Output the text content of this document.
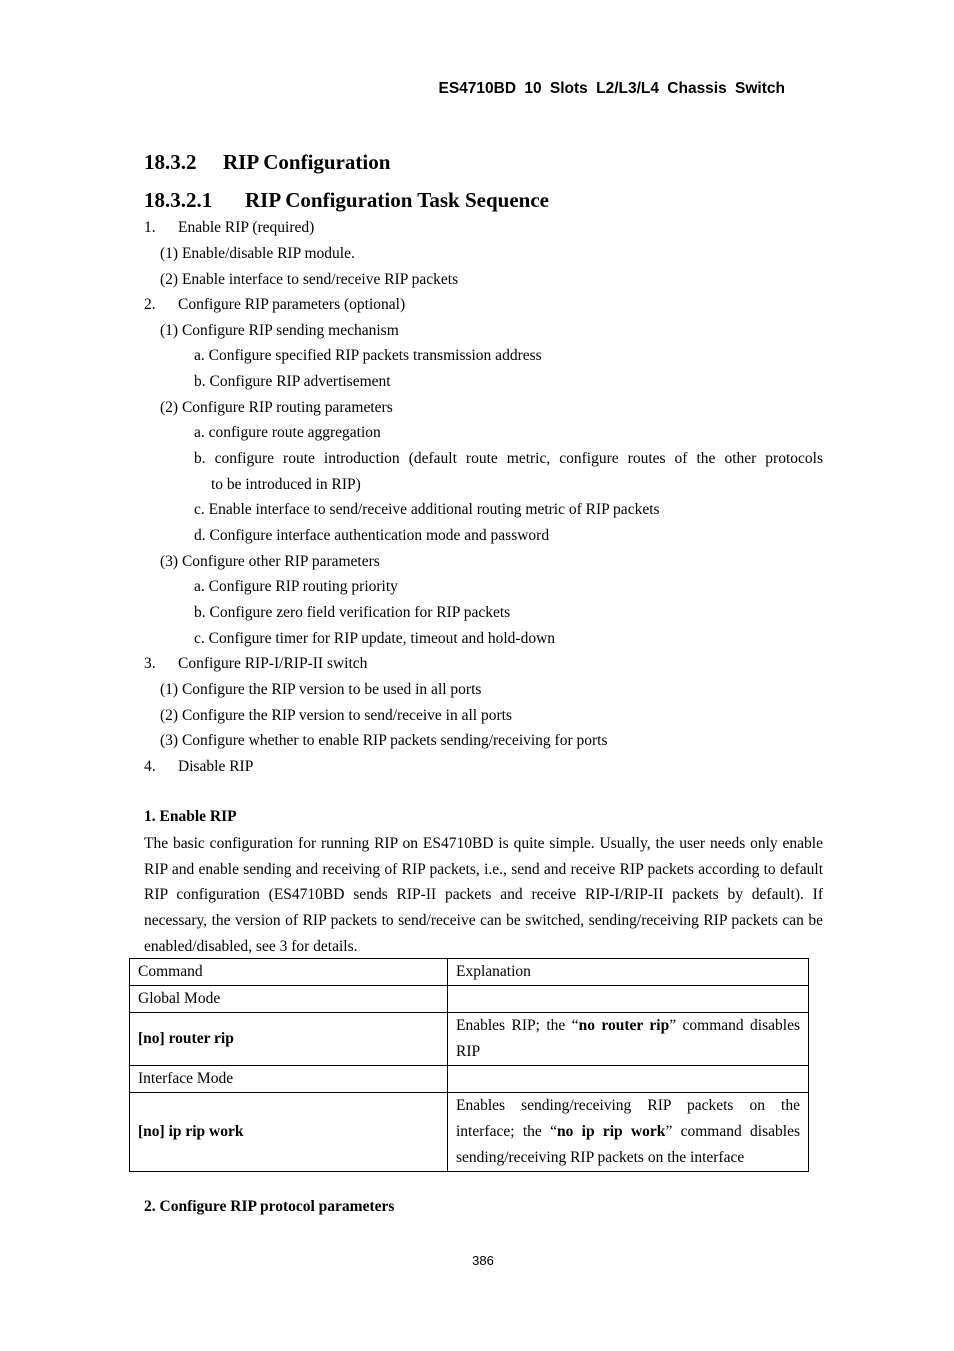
ES4710BD 10 Slots L2/L3/L4 Chassis Switch
18.3.2 RIP Configuration
18.3.2.1 RIP Configuration Task Sequence
1. Enable RIP (required)
(1) Enable/disable RIP module.
(2) Enable interface to send/receive RIP packets
2. Configure RIP parameters (optional)
(1) Configure RIP sending mechanism
a. Configure specified RIP packets transmission address
b. Configure RIP advertisement
(2) Configure RIP routing parameters
a. configure route aggregation
b. configure route introduction (default route metric, configure routes of the other protocols
to be introduced in RIP)
c. Enable interface to send/receive additional routing metric of RIP packets
d. Configure interface authentication mode and password
(3) Configure other RIP parameters
a. Configure RIP routing priority
b. Configure zero field verification for RIP packets
c. Configure timer for RIP update, timeout and hold-down
3. Configure RIP-I/RIP-II switch
(1) Configure the RIP version to be used in all ports
(2) Configure the RIP version to send/receive in all ports
(3) Configure whether to enable RIP packets sending/receiving for ports
4. Disable RIP
1. Enable RIP
The basic configuration for running RIP on ES4710BD is quite simple. Usually, the user needs only enable RIP and enable sending and receiving of RIP packets, i.e., send and receive RIP packets according to default RIP configuration (ES4710BD sends RIP-II packets and receive RIP-I/RIP-II packets by default). If necessary, the version of RIP packets to send/receive can be switched, sending/receiving RIP packets can be enabled/disabled, see 3 for details.
Command	Explanation
Global Mode	
[no] router rip	Enables RIP; the “no router rip” command disables RIP
Interface Mode	
[no] ip rip work	Enables sending/receiving RIP packets on the interface; the “no ip rip work” command disables sending/receiving RIP packets on the interface
2. Configure RIP protocol parameters
386
